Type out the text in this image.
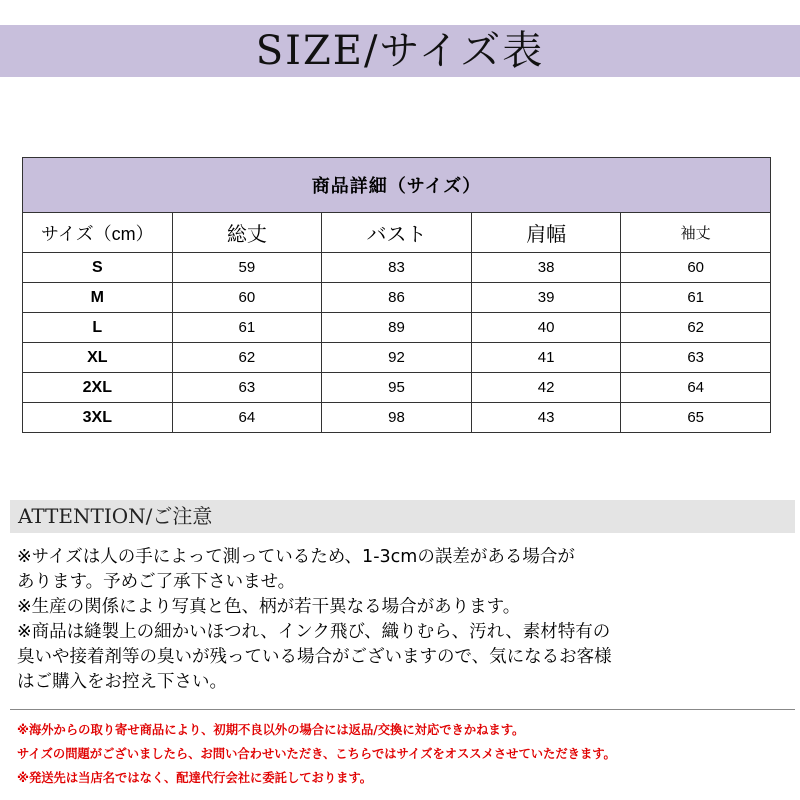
SIZE/サイズ表
商品詳細（サイズ）				
サイズ（cm）	総丈	バスト	肩幅	袖丈
S	59	83	38	60
M	60	86	39	61
L	61	89	40	62
XL	62	92	41	63
2XL	63	95	42	64
3XL	64	98	43	65
ATTENTION/ご注意
※サイズは人の手によって測っているため、1-3cmの誤差がある場合が
あります。予めご了承下さいませ。
※生産の関係により写真と色、柄が若干異なる場合があります。
※商品は縫製上の細かいほつれ、インク飛び、織りむら、汚れ、素材特有の
臭いや接着剤等の臭いが残っている場合がございますので、気になるお客様
はご購入をお控え下さい。
※海外からの取り寄せ商品により、初期不良以外の場合には返品/交換に対応できかねます。
サイズの問題がございましたら、お問い合わせいただき、こちらではサイズをオススメさせていただきます。
※発送先は当店名ではなく、配達代行会社に委託しております。
